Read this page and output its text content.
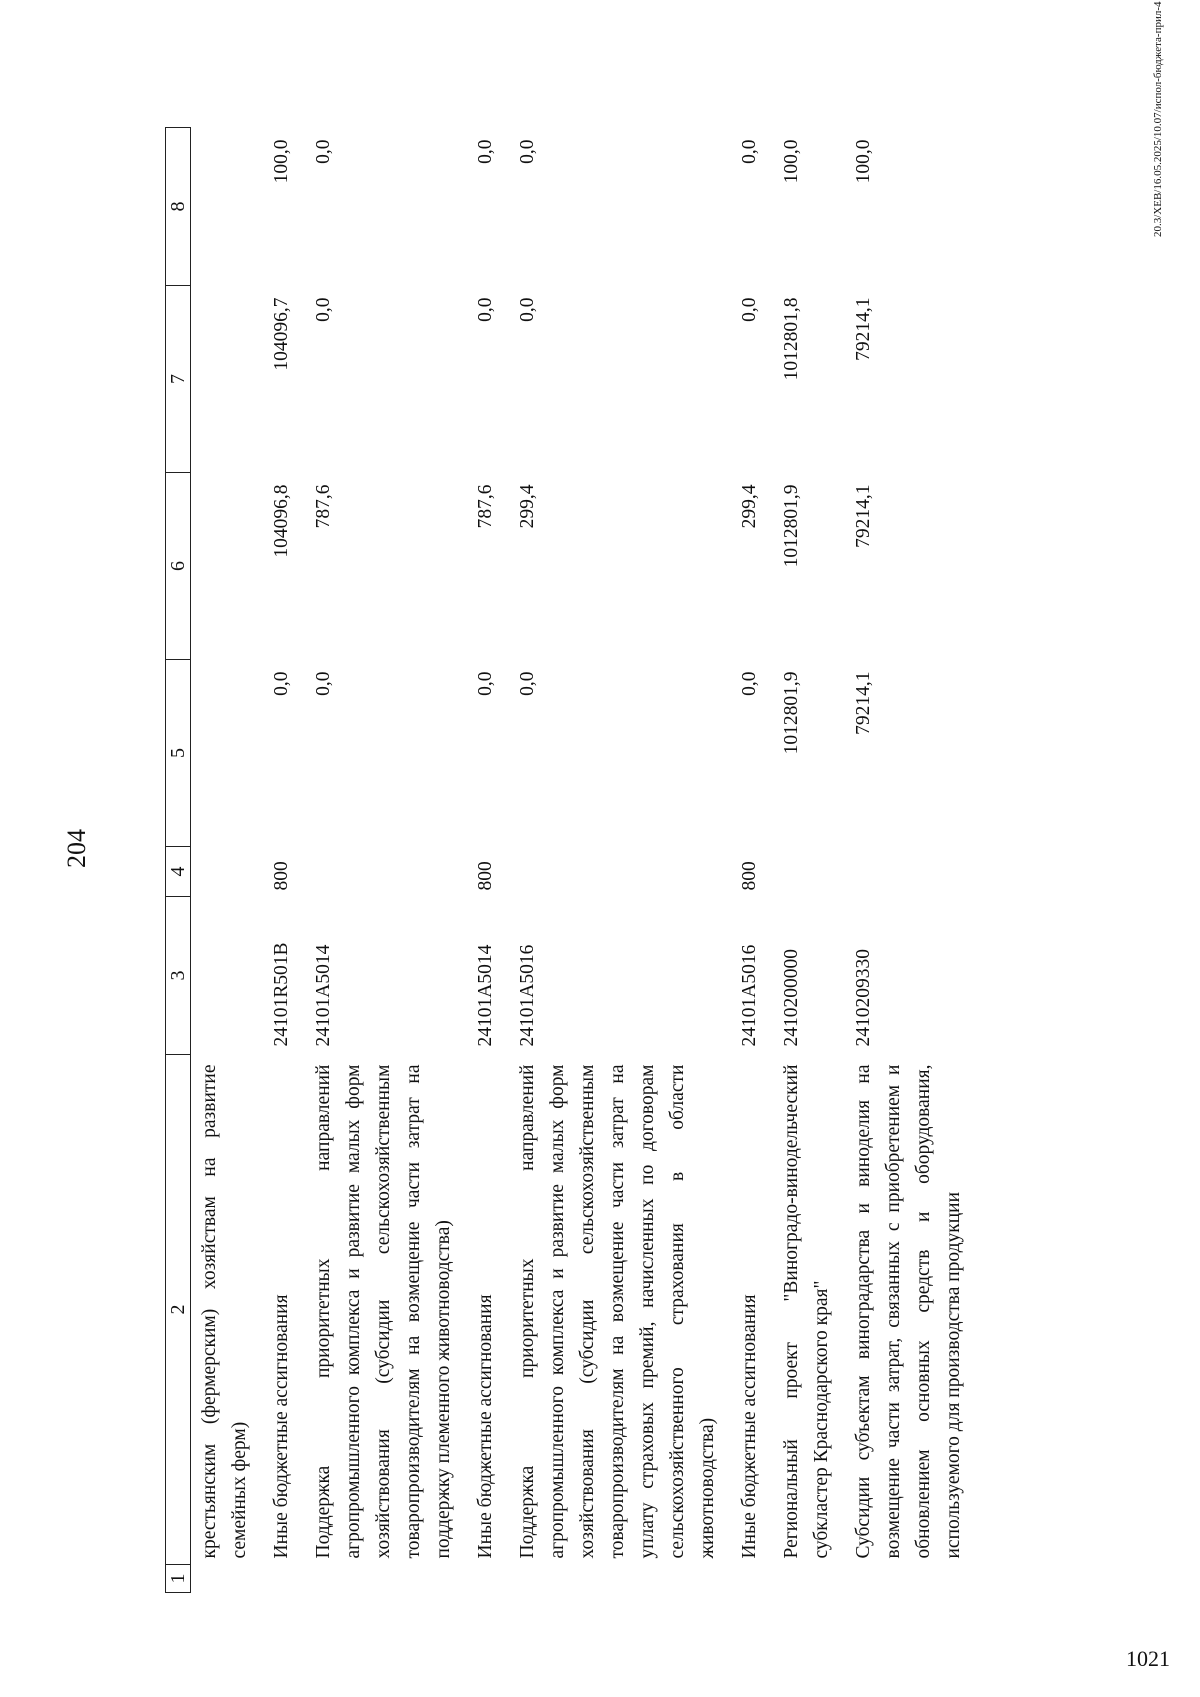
204
1	2	3	4	5	6	7	8
	крестьянским (фермерским) хозяйствам на развитие семейных ферм)						
	Иные бюджетные ассигнования	24101R501В	800	0,0	104096,8	104096,7	100,0
	Поддержка приоритетных направлений агропромышленного комплекса и развитие малых форм хозяйствования (субсидии сельскохозяйственным товаропроизводителям на возмещение части затрат на поддержку племенного животноводства)	24101А5014		0,0	787,6	0,0	0,0
	Иные бюджетные ассигнования	24101А5014	800	0,0	787,6	0,0	0,0
	Поддержка приоритетных направлений агропромышленного комплекса и развитие малых форм хозяйствования (субсидии сельскохозяйственным товаропроизводителям на возмещение части затрат на уплату страховых премий, начисленных по договорам сельскохозяйственного страхования в области животноводства)	24101А5016		0,0	299,4	0,0	0,0
	Иные бюджетные ассигнования	24101А5016	800	0,0	299,4	0,0	0,0
	Региональный проект "Виноградо-винодельческий субкластер Краснодарского края"	2410200000		1012801,9	1012801,9	1012801,8	100,0
	Субсидии субъектам виноградарства и виноделия на возмещение части затрат, связанных с приобретением и обновлением основных средств и оборудования, используемого для производства продукции	2410209330		79214,1	79214,1	79214,1	100,0	20.3/ХЕВ/16.05.2025/10.07/испол-бюджета-прил-4
1021
